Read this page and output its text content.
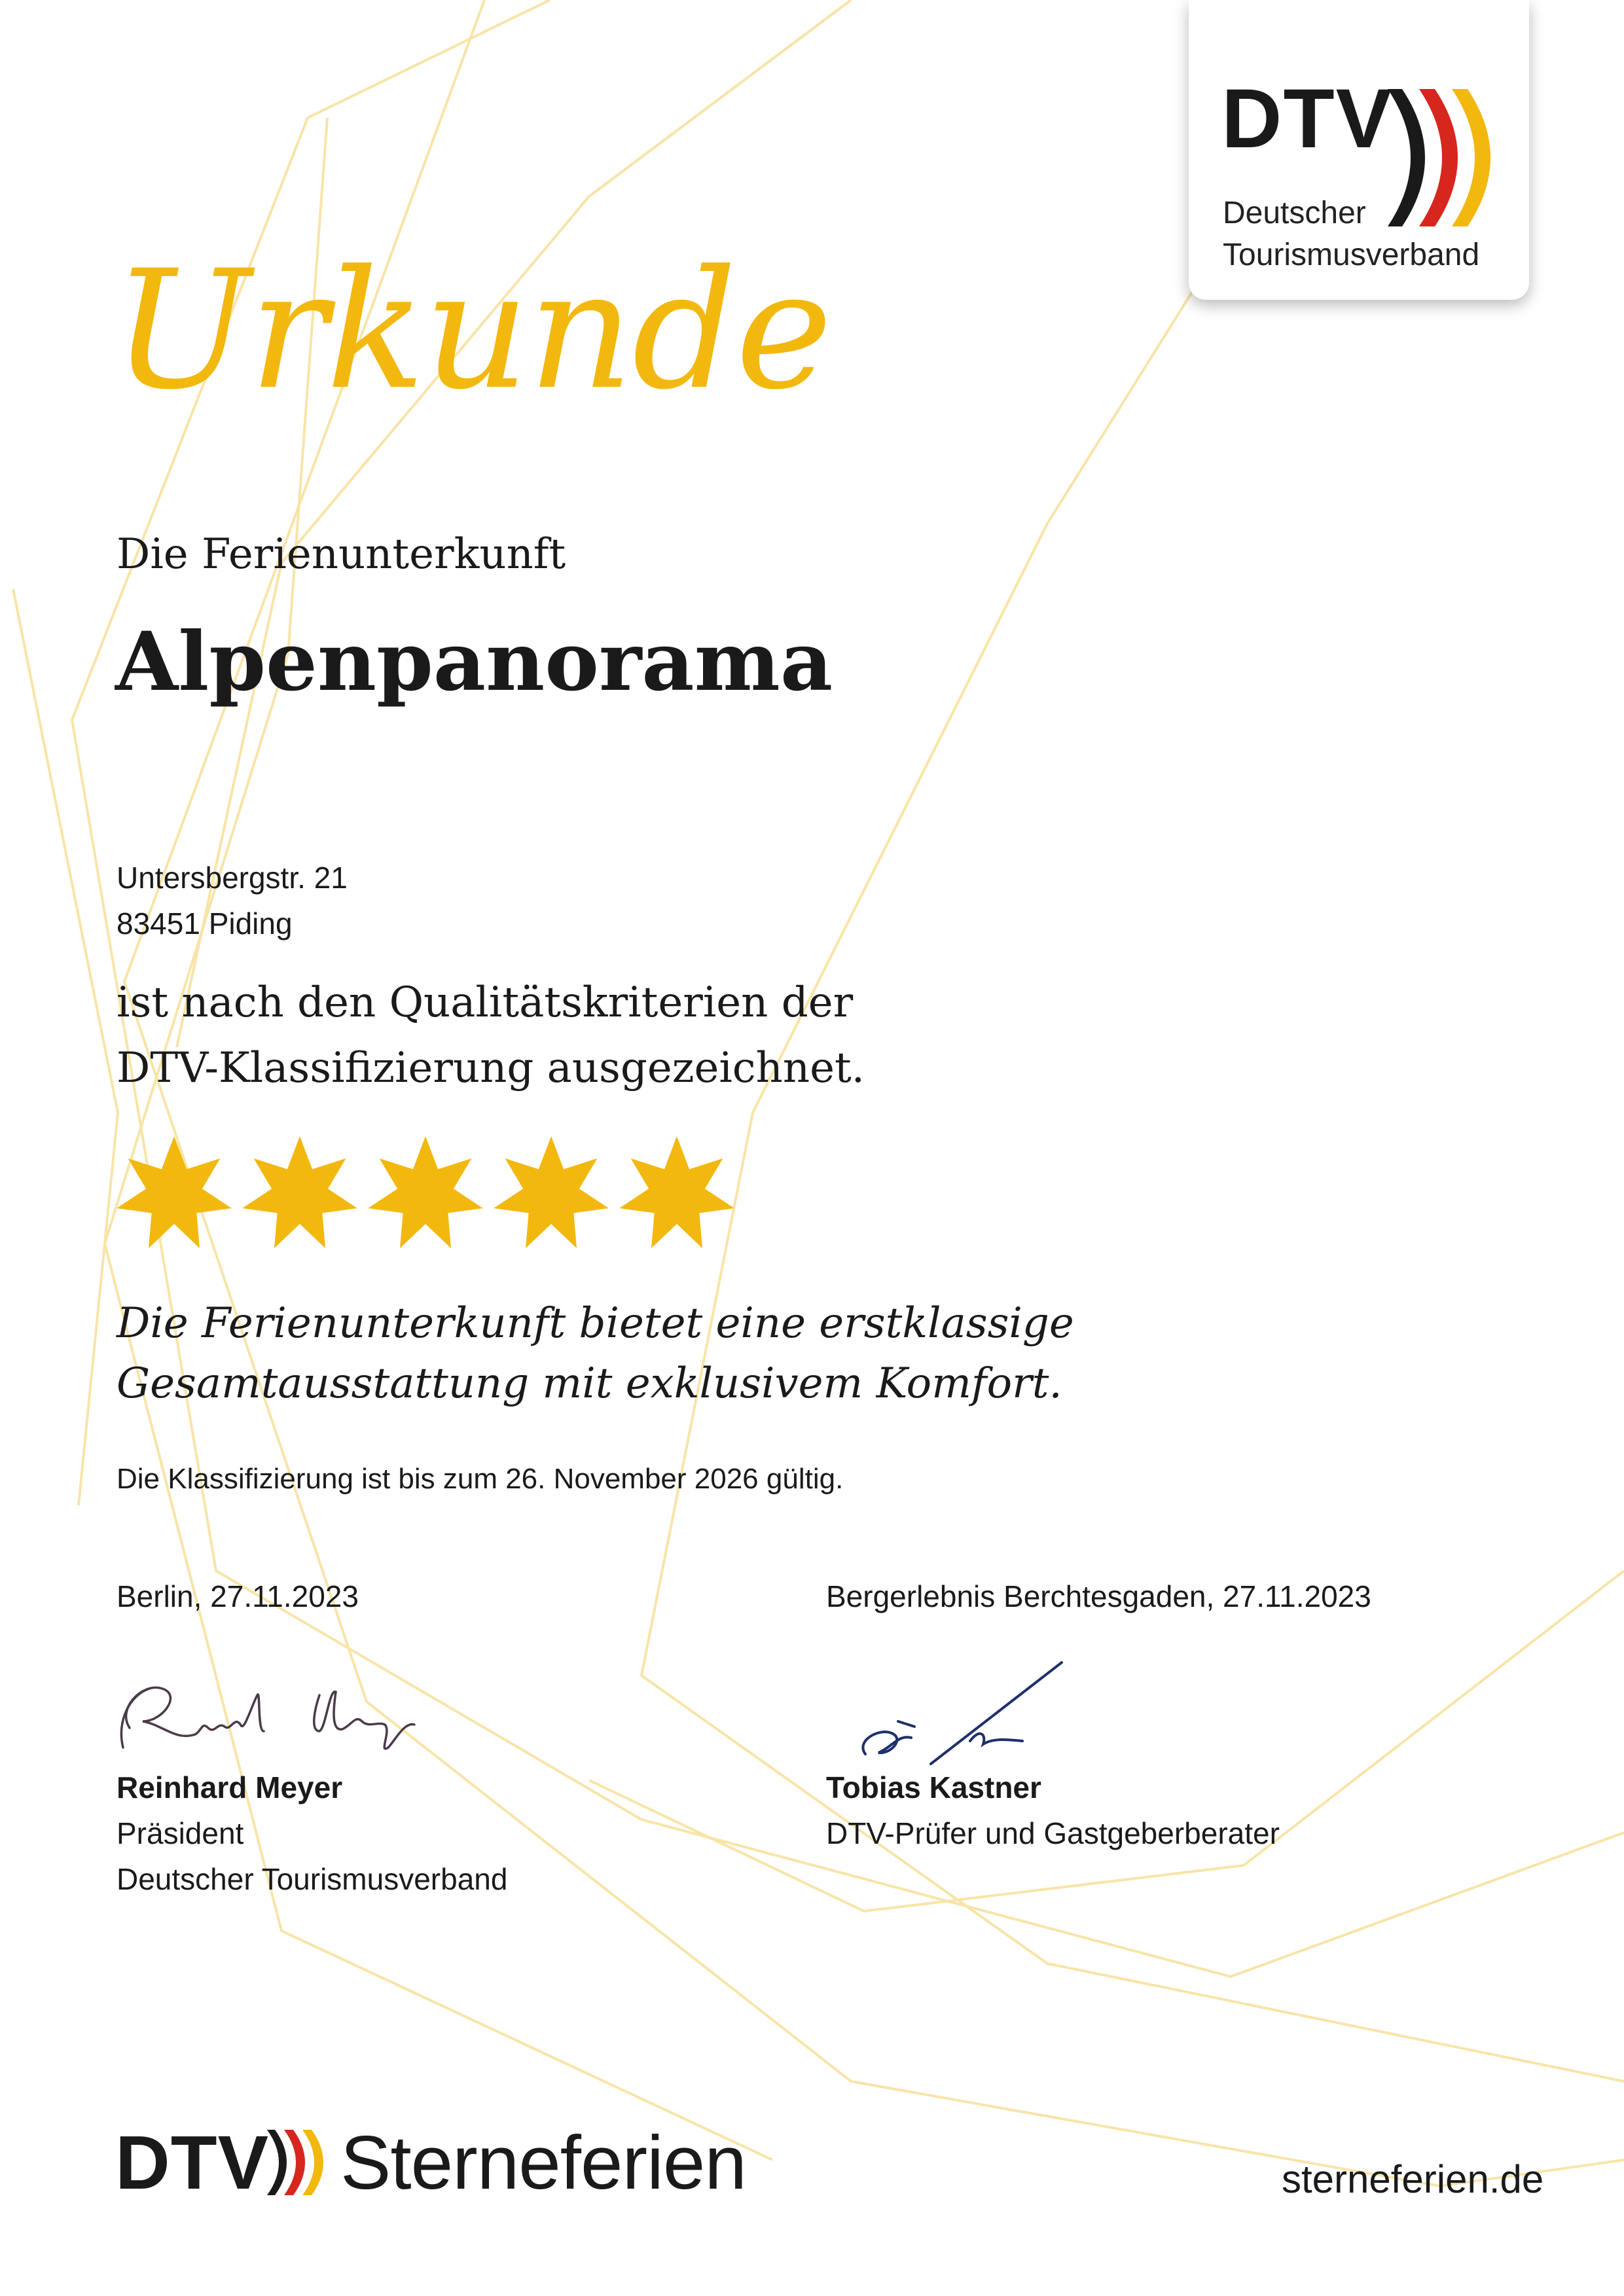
DTV
Deutscher
Tourismusverband
Urkunde
Die Ferienunterkunft
Alpenpanorama
Untersbergstr. 21
83451 Piding
ist nach den Qualitätskriterien der
DTV-Klassifizierung ausgezeichnet.
Die Ferienunterkunft bietet eine erstklassige
Gesamtausstattung mit exklusivem Komfort.
Die Klassifizierung ist bis zum 26. November 2026 gültig.
Berlin, 27.11.2023	Bergerlebnis Berchtesgaden, 27.11.2023
Reinhard Meyer
Präsident
Deutscher Tourismusverband
Tobias Kastner
DTV-Prüfer und Gastgeberberater
DTV Sterneferien	sterneferien.de
